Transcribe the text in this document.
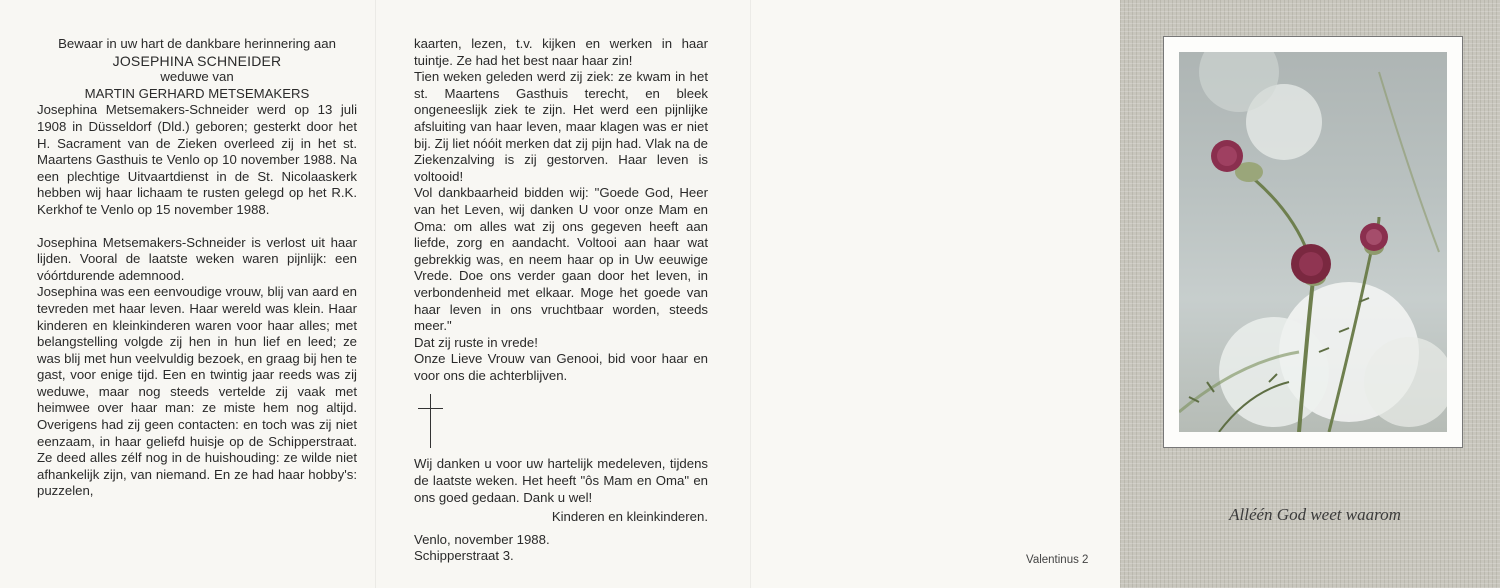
Bewaar in uw hart de dankbare herinnering aan

JOSEPHINA SCHNEIDER

weduwe van

MARTIN GERHARD METSEMAKERS

Josephina Metsemakers-Schneider werd op 13 juli 1908 in Düsseldorf (Dld.) geboren; gesterkt door het H. Sacrament van de Zieken overleed zij in het st. Maartens Gasthuis te Venlo op 10 november 1988. Na een plechtige Uitvaartdienst in de St. Nicolaaskerk hebben wij haar lichaam te rusten gelegd op het R.K. Kerkhof te Venlo op 15 november 1988.

Josephina Metsemakers-Schneider is verlost uit haar lijden. Vooral de laatste weken waren pijnlijk: een vóórtdurende ademnood.

Josephina was een eenvoudige vrouw, blij van aard en tevreden met haar leven. Haar wereld was klein. Haar kinderen en kleinkinderen waren voor haar alles; met belangstelling volgde zij hen in hun lief en leed; ze was blij met hun veelvuldig bezoek, en graag bij hen te gast, voor enige tijd. Een en twintig jaar reeds was zij weduwe, maar nog steeds vertelde zij vaak met heimwee over haar man: ze miste hem nog altijd. Overigens had zij geen contacten: en toch was zij niet eenzaam, in haar geliefd huisje op de Schipperstraat. Ze deed alles zélf nog in de huishouding: ze wilde niet afhankelijk zijn, van niemand. En ze had haar hobby's: puzzelen,

kaarten, lezen, t.v. kijken en werken in haar tuintje. Ze had het best naar haar zin!

Tien weken geleden werd zij ziek: ze kwam in het st. Maartens Gasthuis terecht, en bleek ongeneeslijk ziek te zijn. Het werd een pijnlijke afsluiting van haar leven, maar klagen was er niet bij. Zij liet nóóit merken dat zij pijn had. Vlak na de Ziekenzalving is zij gestorven. Haar leven is voltooid!

Vol dankbaarheid bidden wij: "Goede God, Heer van het Leven, wij danken U voor onze Mam en Oma: om alles wat zij ons gegeven heeft aan liefde, zorg en aandacht. Voltooi aan haar wat gebrekkig was, en neem haar op in Uw eeuwige Vrede. Doe ons verder gaan door het leven, in verbondenheid met elkaar. Moge het goede van haar leven in ons vruchtbaar worden, steeds meer."

Dat zij ruste in vrede!

Onze Lieve Vrouw van Genooi, bid voor haar en voor ons die achterblijven.

Wij danken u voor uw hartelijk medeleven, tijdens de laatste weken. Het heeft "ôs Mam en Oma" en ons goed gedaan. Dank u wel!

Kinderen en kleinkinderen.

Venlo, november 1988.

Schipperstraat 3.

Alléén God weet waarom
Valentinus 2
